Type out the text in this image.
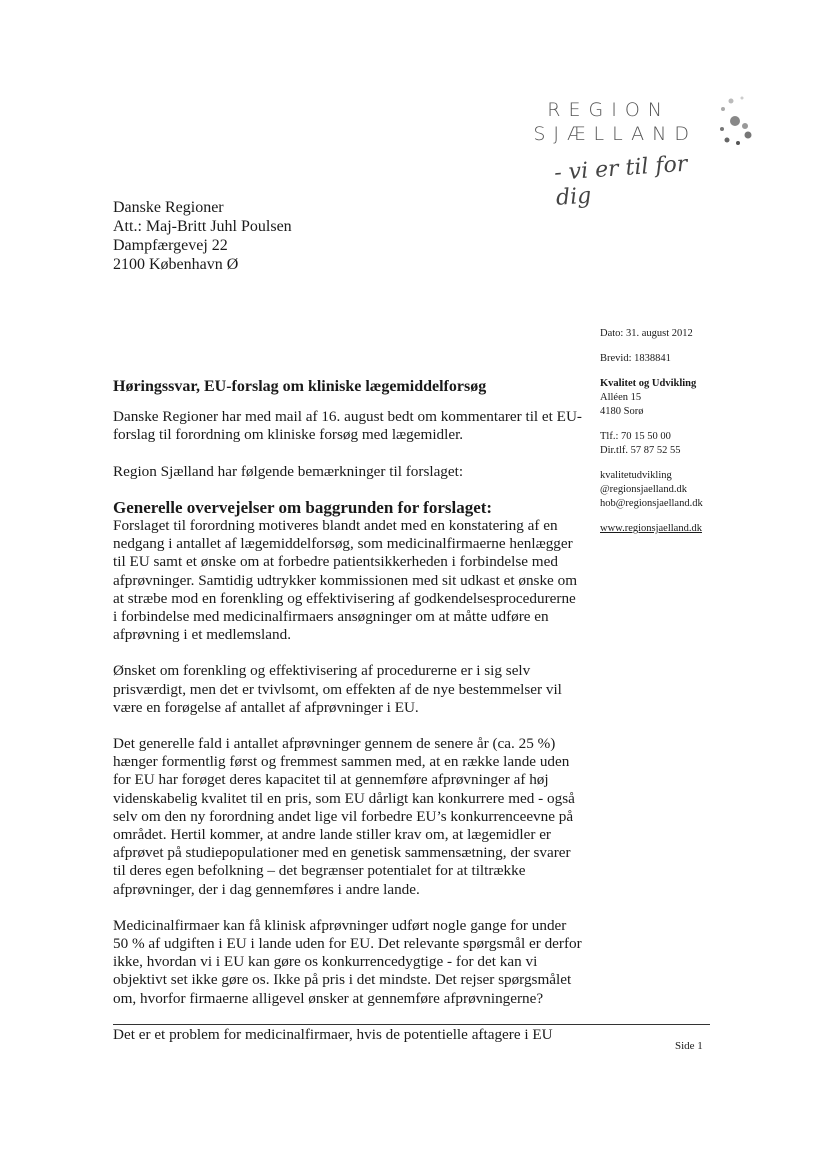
REGION
SJÆLLAND
- vi er til for dig
Danske Regioner
Att.: Maj-Britt Juhl Poulsen
Dampfærgevej 22
2100 København Ø
Dato: 31. august 2012
Brevid: 1838841
Kvalitet og Udvikling
Alléen 15
4180 Sorø
Tlf.: 70 15 50 00
Dir.tlf. 57 87 52 55
kvalitetudvikling
@regionsjaelland.dk
hob@regionsjaelland.dk
www.regionsjaelland.dk
Høringssvar, EU-forslag om kliniske lægemiddelforsøg

Danske Regioner har med mail af 16. august bedt om kommentarer til et EU-forslag til forordning om kliniske forsøg med lægemidler.

Region Sjælland har følgende bemærkninger til forslaget:

Generelle overvejelser om baggrunden for forslaget:

Forslaget til forordning motiveres blandt andet med en konstatering af en nedgang i antallet af lægemiddelforsøg, som medicinalfirmaerne henlægger til EU samt et ønske om at forbedre patientsikkerheden i forbindelse med afprøvninger. Samtidig udtrykker kommissionen med sit udkast et ønske om at stræbe mod en forenkling og effektivisering af godkendelsesprocedurerne i forbindelse med medicinalfirmaers ansøgninger om at måtte udføre en afprøvning i et medlemsland.

Ønsket om forenkling og effektivisering af procedurerne er i sig selv prisværdigt, men det er tvivlsomt, om effekten af de nye bestemmelser vil være en forøgelse af antallet af afprøvninger i EU.

Det generelle fald i antallet afprøvninger gennem de senere år (ca. 25 %) hænger formentlig først og fremmest sammen med, at en række lande uden for EU har forøget deres kapacitet til at gennemføre afprøvninger af høj videnskabelig kvalitet til en pris, som EU dårligt kan konkurrere med - også selv om den ny forordning andet lige vil forbedre EU’s konkurrenceevne på området. Hertil kommer, at andre lande stiller krav om, at lægemidler er afprøvet på studiepopulationer med en genetisk sammensætning, der svarer til deres egen befolkning – det begrænser potentialet for at tiltrække afprøvninger, der i dag gennemføres i andre lande.

Medicinalfirmaer kan få klinisk afprøvninger udført nogle gange for under 50 % af udgiften i EU i lande uden for EU. Det relevante spørgsmål er derfor ikke, hvordan vi i EU kan gøre os konkurrencedygtige - for det kan vi objektivt set ikke gøre os. Ikke på pris i det mindste. Det rejser spørgsmålet om, hvorfor firmaerne alligevel ønsker at gennemføre afprøvningerne?

Det er et problem for medicinalfirmaer, hvis de potentielle aftagere i EU

Side 1
